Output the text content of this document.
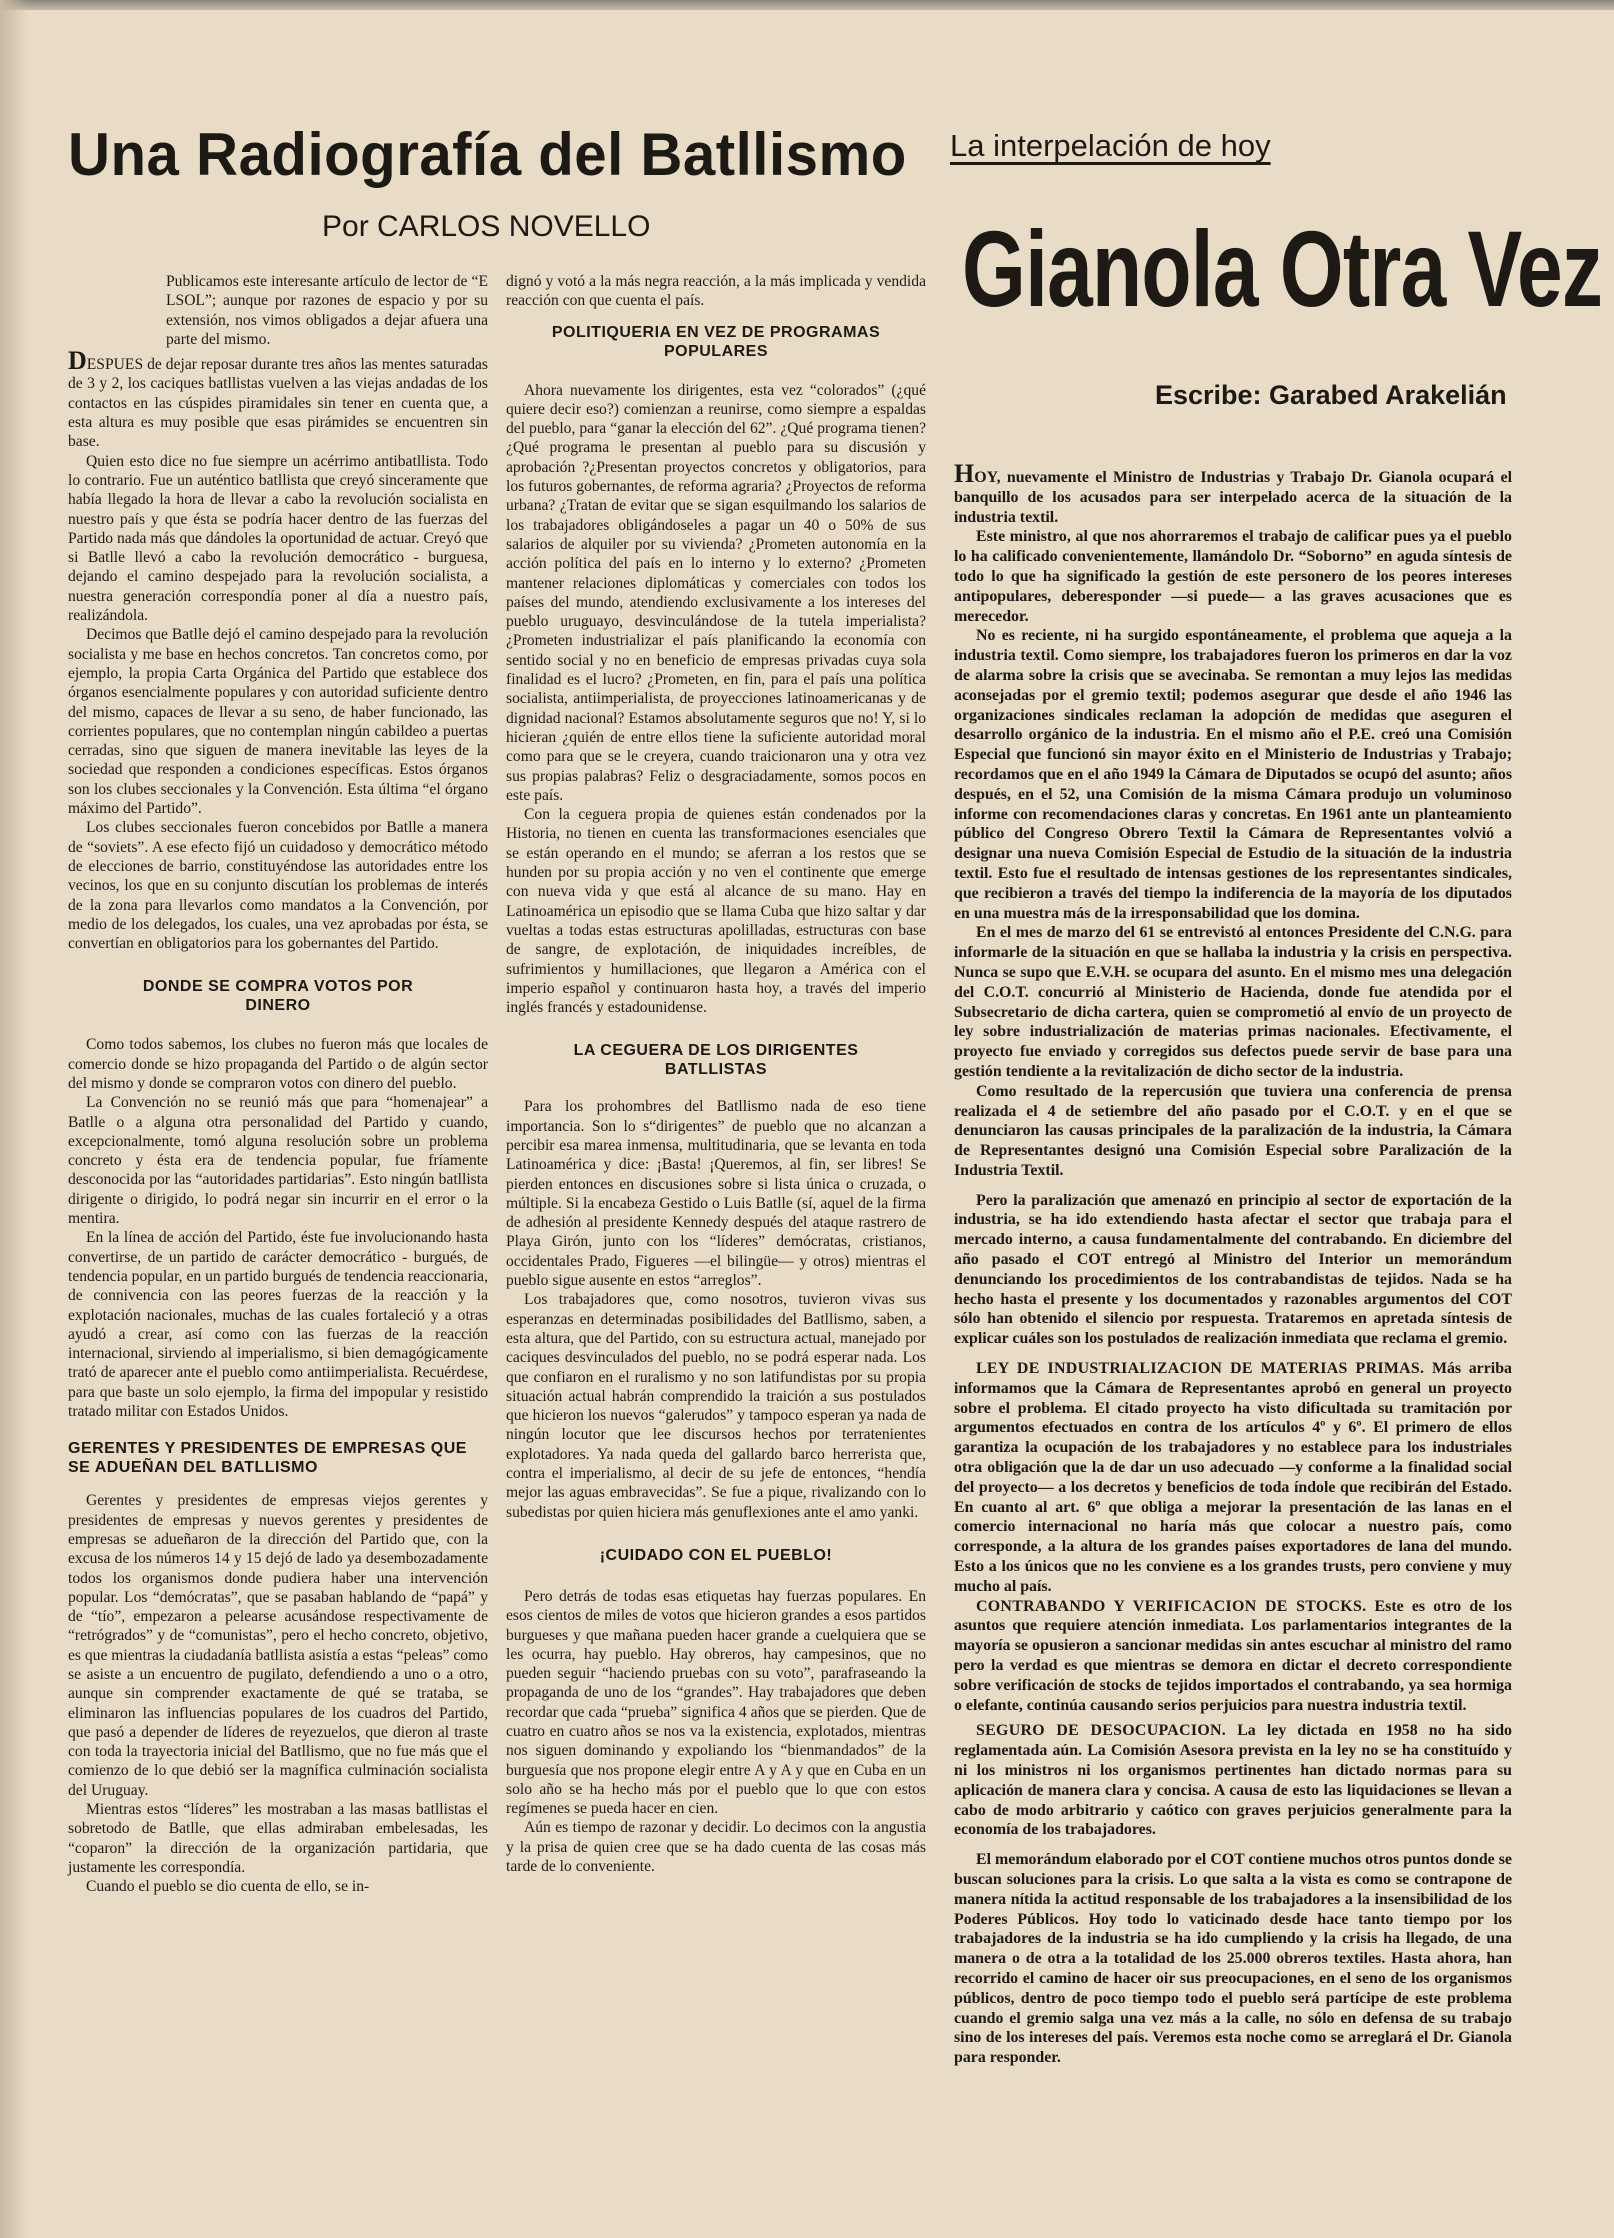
Una Radiografía del Batllismo
Por CARLOS NOVELLO
La interpelación de hoy
Gianola Otra Vez
Escribe: Garabed Arakelián

Publicamos este interesante artículo de lector de “E LSOL”; aunque por razones de espacio y por su extensión, nos vimos obligados a dejar afuera una parte del mismo.

DESPUES de dejar reposar durante tres años las mentes saturadas de 3 y 2, los caciques batllistas vuelven a las viejas andadas de los contactos en las cúspides piramidales sin tener en cuenta que, a esta altura es muy posible que esas pirámides se encuentren sin base.

Quien esto dice no fue siempre un acérrimo antibatllista. Todo lo contrario. Fue un auténtico batllista que creyó sinceramente que había llegado la hora de llevar a cabo la revolución socialista en nuestro país y que ésta se podría hacer dentro de las fuerzas del Partido nada más que dándoles la oportunidad de actuar. Creyó que si Batlle llevó a cabo la revolución democrático - burguesa, dejando el camino despejado para la revolución socialista, a nuestra generación correspondía poner al día a nuestro país, realizándola.

Decimos que Batlle dejó el camino despejado para la revolución socialista y me base en hechos concretos. Tan concretos como, por ejemplo, la propia Carta Orgánica del Partido que establece dos órganos esencialmente populares y con autoridad suficiente dentro del mismo, capaces de llevar a su seno, de haber funcionado, las corrientes populares, que no contemplan ningún cabildeo a puertas cerradas, sino que siguen de manera inevitable las leyes de la sociedad que responden a condiciones específicas. Estos órganos son los clubes seccionales y la Convención. Esta última “el órgano máximo del Partido”.

Los clubes seccionales fueron concebidos por Batlle a manera de “soviets”. A ese efecto fijó un cuidadoso y democrático método de elecciones de barrio, constituyéndose las autoridades entre los vecinos, los que en su conjunto discutían los problemas de interés de la zona para llevarlos como mandatos a la Convención, por medio de los delegados, los cuales, una vez aprobadas por ésta, se convertían en obligatorios para los gobernantes del Partido.

DONDE SE COMPRA VOTOS POR DINERO

Como todos sabemos, los clubes no fueron más que locales de comercio donde se hizo propaganda del Partido o de algún sector del mismo y donde se compraron votos con dinero del pueblo.

La Convención no se reunió más que para “homenajear” a Batlle o a alguna otra personalidad del Partido y cuando, excepcionalmente, tomó alguna resolución sobre un problema concreto y ésta era de tendencia popular, fue fríamente desconocida por las “autoridades partidarias”. Esto ningún batllista dirigente o dirigido, lo podrá negar sin incurrir en el error o la mentira.

En la línea de acción del Partido, éste fue involucionando hasta convertirse, de un partido de carácter democrático - burgués, de tendencia popular, en un partido burgués de tendencia reaccionaria, de connivencia con las peores fuerzas de la reacción y la explotación nacionales, muchas de las cuales fortaleció y a otras ayudó a crear, así como con las fuerzas de la reacción internacional, sirviendo al imperialismo, si bien demagógicamente trató de aparecer ante el pueblo como antiimperialista. Recuérdese, para que baste un solo ejemplo, la firma del impopular y resistido tratado militar con Estados Unidos.

GERENTES Y PRESIDENTES DE EMPRESAS QUE SE ADUEÑAN DEL BATLLISMO

Gerentes y presidentes de empresas viejos gerentes y presidentes de empresas y nuevos gerentes y presidentes de empresas se adueñaron de la dirección del Partido que, con la excusa de los números 14 y 15 dejó de lado ya desembozadamente todos los organismos donde pudiera haber una intervención popular. Los “demócratas”, que se pasaban hablando de “papá” y de “tío”, empezaron a pelearse acusándose respectivamente de “retrógrados” y de “comunistas”, pero el hecho concreto, objetivo, es que mientras la ciudadanía batllista asistía a estas “peleas” como se asiste a un encuentro de pugilato, defendiendo a uno o a otro, aunque sin comprender exactamente de qué se trataba, se eliminaron las influencias populares de los cuadros del Partido, que pasó a depender de líderes de reyezuelos, que dieron al traste con toda la trayectoria inicial del Batllismo, que no fue más que el comienzo de lo que debió ser la magnífica culminación socialista del Uruguay.

Mientras estos “líderes” les mostraban a las masas batllistas el sobretodo de Batlle, que ellas admiraban embelesadas, les “coparon” la dirección de la organización partidaria, que justamente les correspondía.

Cuando el pueblo se dio cuenta de ello, se in-

dignó y votó a la más negra reacción, a la más implicada y vendida reacción con que cuenta el país.

POLITIQUERIA EN VEZ DE PROGRAMAS POPULARES

Ahora nuevamente los dirigentes, esta vez “colorados” (¿qué quiere decir eso?) comienzan a reunirse, como siempre a espaldas del pueblo, para “ganar la elección del 62”. ¿Qué programa tienen? ¿Qué programa le presentan al pueblo para su discusión y aprobación ?¿Presentan proyectos concretos y obligatorios, para los futuros gobernantes, de reforma agraria? ¿Proyectos de reforma urbana? ¿Tratan de evitar que se sigan esquilmando los salarios de los trabajadores obligándoseles a pagar un 40 o 50% de sus salarios de alquiler por su vivienda? ¿Prometen autonomía en la acción política del país en lo interno y lo externo? ¿Prometen mantener relaciones diplomáticas y comerciales con todos los países del mundo, atendiendo exclusivamente a los intereses del pueblo uruguayo, desvinculándose de la tutela imperialista? ¿Prometen industrializar el país planificando la economía con sentido social y no en beneficio de empresas privadas cuya sola finalidad es el lucro? ¿Prometen, en fin, para el país una política socialista, antiimperialista, de proyecciones latinoamericanas y de dignidad nacional? Estamos absolutamente seguros que no! Y, si lo hicieran ¿quién de entre ellos tiene la suficiente autoridad moral como para que se le creyera, cuando traicionaron una y otra vez sus propias palabras? Feliz o desgraciadamente, somos pocos en este país.

Con la ceguera propia de quienes están condenados por la Historia, no tienen en cuenta las transformaciones esenciales que se están operando en el mundo; se aferran a los restos que se hunden por su propia acción y no ven el continente que emerge con nueva vida y que está al alcance de su mano. Hay en Latinoamérica un episodio que se llama Cuba que hizo saltar y dar vueltas a todas estas estructuras apolilladas, estructuras con base de sangre, de explotación, de iniquidades increíbles, de sufrimientos y humillaciones, que llegaron a América con el imperio español y continuaron hasta hoy, a través del imperio inglés francés y estadounidense.

LA CEGUERA DE LOS DIRIGENTES BATLLISTAS

Para los prohombres del Batllismo nada de eso tiene importancia. Son lo s“dirigentes” de pueblo que no alcanzan a percibir esa marea inmensa, multitudinaria, que se levanta en toda Latinoamérica y dice: ¡Basta! ¡Queremos, al fin, ser libres! Se pierden entonces en discusiones sobre si lista única o cruzada, o múltiple. Si la encabeza Gestido o Luis Batlle (sí, aquel de la firma de adhesión al presidente Kennedy después del ataque rastrero de Playa Girón, junto con los “líderes” demócratas, cristianos, occidentales Prado, Figueres —el bilingüe— y otros) mientras el pueblo sigue ausente en estos “arreglos”.

Los trabajadores que, como nosotros, tuvieron vivas sus esperanzas en determinadas posibilidades del Batllismo, saben, a esta altura, que del Partido, con su estructura actual, manejado por caciques desvinculados del pueblo, no se podrá esperar nada. Los que confiaron en el ruralismo y no son latifundistas por su propia situación actual habrán comprendido la traición a sus postulados que hicieron los nuevos “galerudos” y tampoco esperan ya nada de ningún locutor que lee discursos hechos por terratenientes explotadores. Ya nada queda del gallardo barco herrerista que, contra el imperialismo, al decir de su jefe de entonces, “hendía mejor las aguas embravecidas”. Se fue a pique, rivalizando con lo subedistas por quien hiciera más genuflexiones ante el amo yanki.

¡CUIDADO CON EL PUEBLO!

Pero detrás de todas esas etiquetas hay fuerzas populares. En esos cientos de miles de votos que hicieron grandes a esos partidos burgueses y que mañana pueden hacer grande a cuelquiera que se les ocurra, hay pueblo. Hay obreros, hay campesinos, que no pueden seguir “haciendo pruebas con su voto”, parafraseando la propaganda de uno de los “grandes”. Hay trabajadores que deben recordar que cada “prueba” significa 4 años que se pierden. Que de cuatro en cuatro años se nos va la existencia, explotados, mientras nos siguen dominando y expoliando los “bienmandados” de la burguesía que nos propone elegir entre A y A y que en Cuba en un solo año se ha hecho más por el pueblo que lo que con estos regímenes se pueda hacer en cien.

Aún es tiempo de razonar y decidir. Lo decimos con la angustia y la prisa de quien cree que se ha dado cuenta de las cosas más tarde de lo conveniente.

HOY, nuevamente el Ministro de Industrias y Trabajo Dr. Gianola ocupará el banquillo de los acusados para ser interpelado acerca de la situación de la industria textil.

Este ministro, al que nos ahorraremos el trabajo de calificar pues ya el pueblo lo ha calificado convenientemente, llamándolo Dr. “Soborno” en aguda síntesis de todo lo que ha significado la gestión de este personero de los peores intereses antipopulares, deberesponder —si puede— a las graves acusaciones que es merecedor.

No es reciente, ni ha surgido espontáneamente, el problema que aqueja a la industria textil. Como siempre, los trabajadores fueron los primeros en dar la voz de alarma sobre la crisis que se avecinaba. Se remontan a muy lejos las medidas aconsejadas por el gremio textil; podemos asegurar que desde el año 1946 las organizaciones sindicales reclaman la adopción de medidas que aseguren el desarrollo orgánico de la industria. En el mismo año el P.E. creó una Comisión Especial que funcionó sin mayor éxito en el Ministerio de Industrias y Trabajo; recordamos que en el año 1949 la Cámara de Diputados se ocupó del asunto; años después, en el 52, una Comisión de la misma Cámara produjo un voluminoso informe con recomendaciones claras y concretas. En 1961 ante un planteamiento público del Congreso Obrero Textil la Cámara de Representantes volvió a designar una nueva Comisión Especial de Estudio de la situación de la industria textil. Esto fue el resultado de intensas gestiones de los representantes sindicales, que recibieron a través del tiempo la indiferencia de la mayoría de los diputados en una muestra más de la irresponsabilidad que los domina.

En el mes de marzo del 61 se entrevistó al entonces Presidente del C.N.G. para informarle de la situación en que se hallaba la industria y la crisis en perspectiva. Nunca se supo que E.V.H. se ocupara del asunto. En el mismo mes una delegación del C.O.T. concurrió al Ministerio de Hacienda, donde fue atendida por el Subsecretario de dicha cartera, quien se comprometió al envío de un proyecto de ley sobre industrialización de materias primas nacionales. Efectivamente, el proyecto fue enviado y corregidos sus defectos puede servir de base para una gestión tendiente a la revitalización de dicho sector de la industria.

Como resultado de la repercusión que tuviera una conferencia de prensa realizada el 4 de setiembre del año pasado por el C.O.T. y en el que se denunciaron las causas principales de la paralización de la industria, la Cámara de Representantes designó una Comisión Especial sobre Paralización de la Industria Textil.

Pero la paralización que amenazó en principio al sector de exportación de la industria, se ha ido extendiendo hasta afectar el sector que trabaja para el mercado interno, a causa fundamentalmente del contrabando. En diciembre del año pasado el COT entregó al Ministro del Interior un memorándum denunciando los procedimientos de los contrabandistas de tejidos. Nada se ha hecho hasta el presente y los documentados y razonables argumentos del COT sólo han obtenido el silencio por respuesta. Trataremos en apretada síntesis de explicar cuáles son los postulados de realización inmediata que reclama el gremio.

LEY DE INDUSTRIALIZACION DE MATERIAS PRIMAS. Más arriba informamos que la Cámara de Representantes aprobó en general un proyecto sobre el problema. El citado proyecto ha visto dificultada su tramitación por argumentos efectuados en contra de los artículos 4º y 6º. El primero de ellos garantiza la ocupación de los trabajadores y no establece para los industriales otra obligación que la de dar un uso adecuado —y conforme a la finalidad social del proyecto— a los decretos y beneficios de toda índole que recibirán del Estado. En cuanto al art. 6º que obliga a mejorar la presentación de las lanas en el comercio internacional no haría más que colocar a nuestro país, como corresponde, a la altura de los grandes países exportadores de lana del mundo. Esto a los únicos que no les conviene es a los grandes trusts, pero conviene y muy mucho al país.

CONTRABANDO Y VERIFICACION DE STOCKS. Este es otro de los asuntos que requiere atención inmediata. Los parlamentarios integrantes de la mayoría se opusieron a sancionar medidas sin antes escuchar al ministro del ramo pero la verdad es que mientras se demora en dictar el decreto correspondiente sobre verificación de stocks de tejidos importados el contrabando, ya sea hormiga o elefante, continúa causando serios perjuicios para nuestra industria textil.

SEGURO DE DESOCUPACION. La ley dictada en 1958 no ha sido reglamentada aún. La Comisión Asesora prevista en la ley no se ha constituído y ni los ministros ni los organismos pertinentes han dictado normas para su aplicación de manera clara y concisa. A causa de esto las liquidaciones se llevan a cabo de modo arbitrario y caótico con graves perjuicios generalmente para la economía de los trabajadores.

El memorándum elaborado por el COT contiene muchos otros puntos donde se buscan soluciones para la crisis. Lo que salta a la vista es como se contrapone de manera nítida la actitud responsable de los trabajadores a la insensibilidad de los Poderes Públicos. Hoy todo lo vaticinado desde hace tanto tiempo por los trabajadores de la industria se ha ido cumpliendo y la crisis ha llegado, de una manera o de otra a la totalidad de los 25.000 obreros textiles. Hasta ahora, han recorrido el camino de hacer oir sus preocupaciones, en el seno de los organismos públicos, dentro de poco tiempo todo el pueblo será partícipe de este problema cuando el gremio salga una vez más a la calle, no sólo en defensa de su trabajo sino de los intereses del país. Veremos esta noche como se arreglará el Dr. Gianola para responder.
